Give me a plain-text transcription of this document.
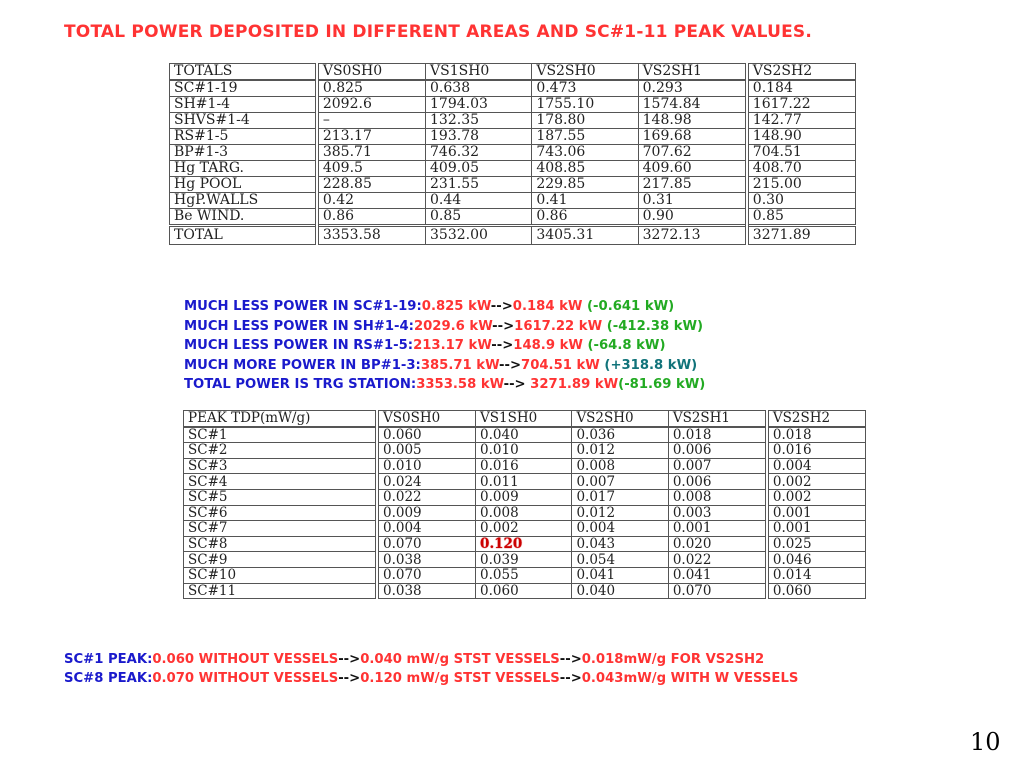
TOTAL POWER DEPOSITED IN DIFFERENT AREAS AND SC#1-11 PEAK VALUES.
TOTALS	VS0SH0	VS1SH0	VS2SH0	VS2SH1	VS2SH2
SC#1-19	0.825	0.638	0.473	0.293	0.184
SH#1-4	2092.6	1794.03	1755.10	1574.84	1617.22
SHVS#1-4	–	132.35	178.80	148.98	142.77
RS#1-5	213.17	193.78	187.55	169.68	148.90
BP#1-3	385.71	746.32	743.06	707.62	704.51
Hg TARG.	409.5	409.05	408.85	409.60	408.70
Hg POOL	228.85	231.55	229.85	217.85	215.00
HgP.WALLS	0.42	0.44	0.41	0.31	0.30
Be WIND.	0.86	0.85	0.86	0.90	0.85
TOTAL	3353.58	3532.00	3405.31	3272.13	3271.89
MUCH LESS POWER IN SC#1-19:0.825 kW-->0.184 kW (-0.641 kW)
MUCH LESS POWER IN SH#1-4:2029.6 kW-->1617.22 kW (-412.38 kW)
MUCH LESS POWER IN RS#1-5:213.17 kW-->148.9 kW (-64.8 kW)
MUCH MORE POWER IN BP#1-3:385.71 kW-->704.51 kW (+318.8 kW)
TOTAL POWER IS TRG STATION:3353.58 kW--> 3271.89 kW(-81.69 kW)
PEAK TDP(mW/g)	VS0SH0	VS1SH0	VS2SH0	VS2SH1	VS2SH2
SC#1	0.060	0.040	0.036	0.018	0.018
SC#2	0.005	0.010	0.012	0.006	0.016
SC#3	0.010	0.016	0.008	0.007	0.004
SC#4	0.024	0.011	0.007	0.006	0.002
SC#5	0.022	0.009	0.017	0.008	0.002
SC#6	0.009	0.008	0.012	0.003	0.001
SC#7	0.004	0.002	0.004	0.001	0.001
SC#8	0.070	0.120	0.043	0.020	0.025
SC#9	0.038	0.039	0.054	0.022	0.046
SC#10	0.070	0.055	0.041	0.041	0.014
SC#11	0.038	0.060	0.040	0.070	0.060
SC#1 PEAK:0.060 WITHOUT VESSELS-->0.040 mW/g STST VESSELS-->0.018mW/g FOR VS2SH2
SC#8 PEAK:0.070 WITHOUT VESSELS-->0.120 mW/g STST VESSELS-->0.043mW/g WITH W VESSELS
10
